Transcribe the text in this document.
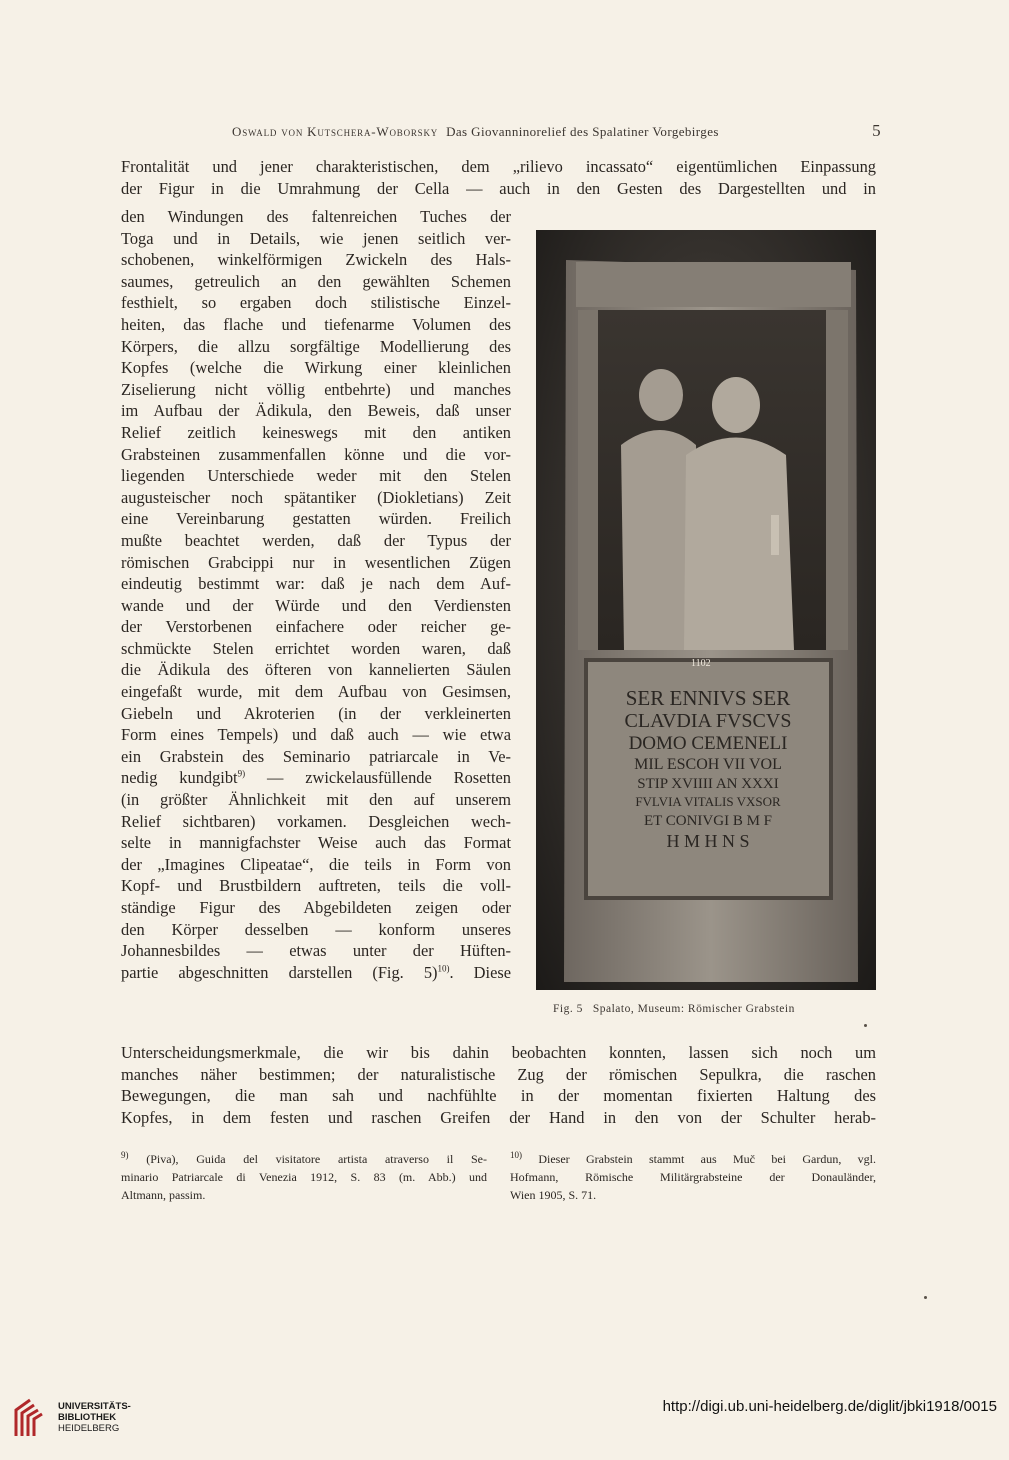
Oswald von Kutschera-Woborsky Das Giovanninorelief des Spalatiner Vorgebirges	5
Frontalität und jener charakteristischen, dem „rilievo incassato“ eigentümlichen Einpassung
der Figur in die Umrahmung der Cella — auch in den Gesten des Dargestellten und in
den Windungen des faltenreichen Tuches der
Toga und in Details, wie jenen seitlich ver-
schobenen, winkelförmigen Zwickeln des Hals-
saumes, getreulich an den gewählten Schemen
festhielt, so ergaben doch stilistische Einzel-
heiten, das flache und tiefenarme Volumen des
Körpers, die allzu sorgfältige Modellierung des
Kopfes (welche die Wirkung einer kleinlichen
Ziselierung nicht völlig entbehrte) und manches
im Aufbau der Ädikula, den Beweis, daß unser
Relief zeitlich keineswegs mit den antiken
Grabsteinen zusammenfallen könne und die vor-
liegenden Unterschiede weder mit den Stelen
augusteischer noch spätantiker (Diokletians) Zeit
eine Vereinbarung gestatten würden. Freilich
mußte beachtet werden, daß der Typus der
römischen Grabcippi nur in wesentlichen Zügen
eindeutig bestimmt war: daß je nach dem Auf-
wande und der Würde und den Verdiensten
der Verstorbenen einfachere oder reicher ge-
schmückte Stelen errichtet worden waren, daß
die Ädikula des öfteren von kannelierten Säulen
eingefaßt wurde, mit dem Aufbau von Gesimsen,
Giebeln und Akroterien (in der verkleinerten
Form eines Tempels) und daß auch — wie etwa
ein Grabstein des Seminario patriarcale in Ve-
nedig kundgibt$^{9)}$ — zwickelausfüllende Rosetten
(in größter Ähnlichkeit mit den auf unserem
Relief sichtbaren) vorkamen. Desgleichen wech-
selte in mannigfachster Weise auch das Format
der „Imagines Clipeatae“, die teils in Form von
Kopf- und Brustbildern auftreten, teils die voll-
ständige Figur des Abgebildeten zeigen oder
den Körper desselben — konform unseres
Johannesbildes — etwas unter der Hüften-
partie abgeschnitten darstellen (Fig. 5)$^{10)}$. Diese
Unterscheidungsmerkmale, die wir bis dahin beobachten konnten, lassen sich noch um
manches näher bestimmen; der naturalistische Zug der römischen Sepulkra, die raschen
Bewegungen, die man sah und nachfühlte in der momentan fixierten Haltung des
Kopfes, in dem festen und raschen Greifen der Hand in den von der Schulter herab-
1102
SER ENNIVS SER
CLAVDIA FVSCVS
DOMO CEMENELI
MIL ESCOH VII VOL
STIP XVIIII AN XXXI
FVLVIA VITALIS VXSOR
ET CONIVGI B M F
H M H N S
Fig. 5 Spalato, Museum: Römischer Grabstein
$^{9)}$ (Piva), Guida del visitatore artista atraverso il Se-
minario Patriarcale di Venezia 1912, S. 83 (m. Abb.) und
Altmann, passim.
$^{10)}$ Dieser Grabstein stammt aus Muč bei Gardun, vgl.
Hofmann, Römische Militärgrabsteine der Donauländer,
Wien 1905, S. 71.
UNIVERSITÄTS-
BIBLIOTHEK
HEIDELBERG
http://digi.ub.uni-heidelberg.de/diglit/jbki1918/0015
